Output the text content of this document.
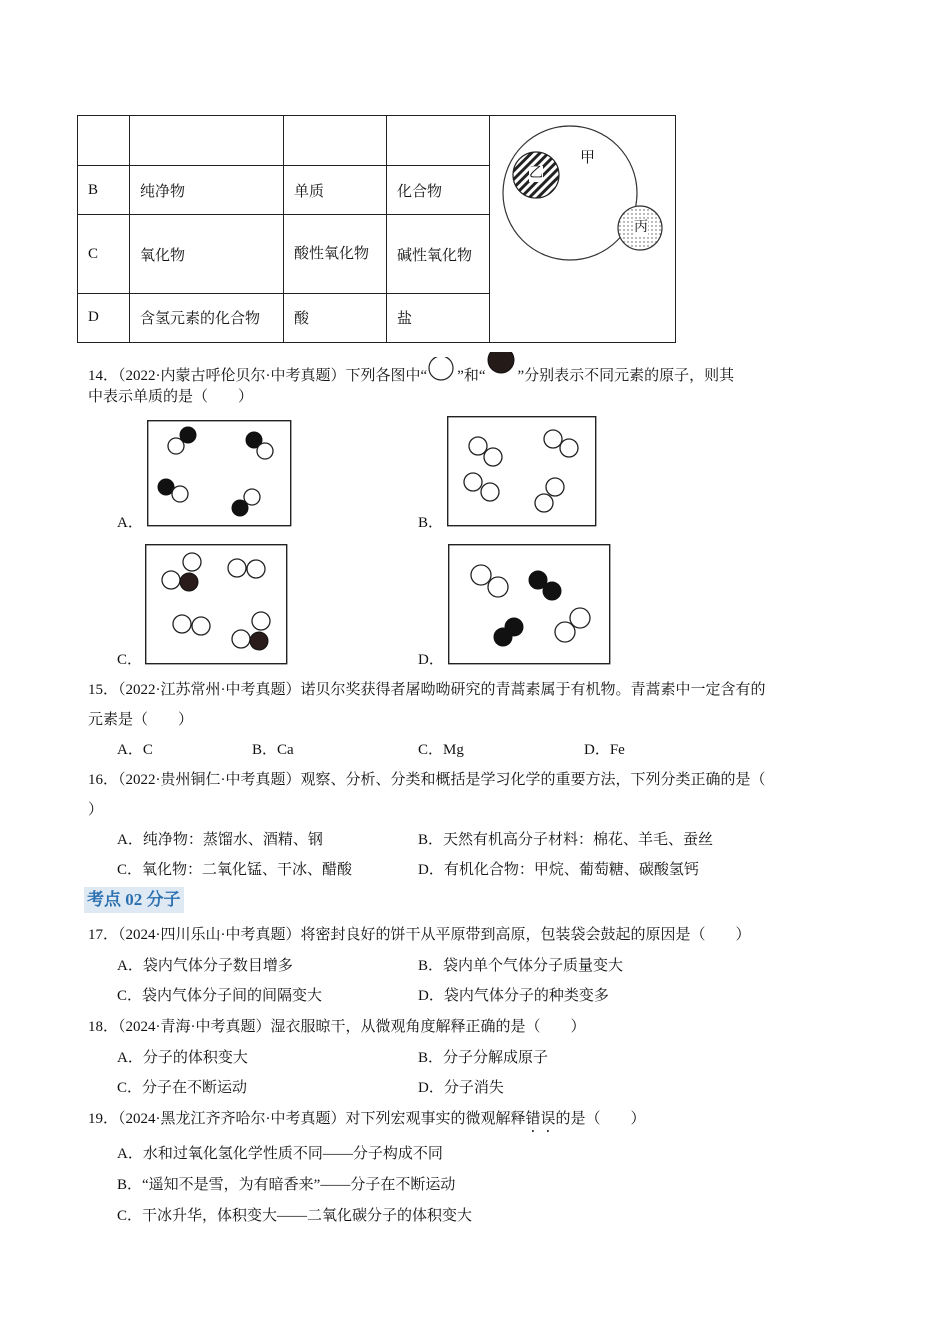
				甲
乙
丙

B	纯净物	单质	化合物	
C	氧化物	酸性氧化物	碱性氧化物	
D	含氢元素的化合物	酸	盐	
14．（2022·内蒙古呼伦贝尔·中考真题）下列各图中“ ”和“ ”分别表示不同元素的原子，则其
中表示单质的是（　　）
A．	B．
C．	D．
15．（2022·江苏常州·中考真题）诺贝尔奖获得者屠呦呦研究的青蒿素属于有机物。青蒿素中一定含有的
元素是（　　）
A．C	B．Ca	C．Mg	D．Fe
16．（2022·贵州铜仁·中考真题）观察、分析、分类和概括是学习化学的重要方法，下列分类正确的是（
）
A．纯净物：蒸馏水、酒精、钢	B．天然有机高分子材料：棉花、羊毛、蚕丝
C．氧化物：二氧化锰、干冰、醋酸	D．有机化合物：甲烷、葡萄糖、碳酸氢钙
考点 02 分子
17．（2024·四川乐山·中考真题）将密封良好的饼干从平原带到高原，包装袋会鼓起的原因是（　　）
A．袋内气体分子数目增多	B．袋内单个气体分子质量变大
C．袋内气体分子间的间隔变大	D．袋内气体分子的种类变多
18．（2024·青海·中考真题）湿衣服晾干，从微观角度解释正确的是（　　）
A．分子的体积变大	B．分子分解成原子
C．分子在不断运动	D．分子消失
19．（2024·黑龙江齐齐哈尔·中考真题）对下列宏观事实的微观解释错误的是（　　）
A．水和过氧化氢化学性质不同——分子构成不同
B．“遥知不是雪，为有暗香来”——分子在不断运动
C．干冰升华，体积变大——二氧化碳分子的体积变大
